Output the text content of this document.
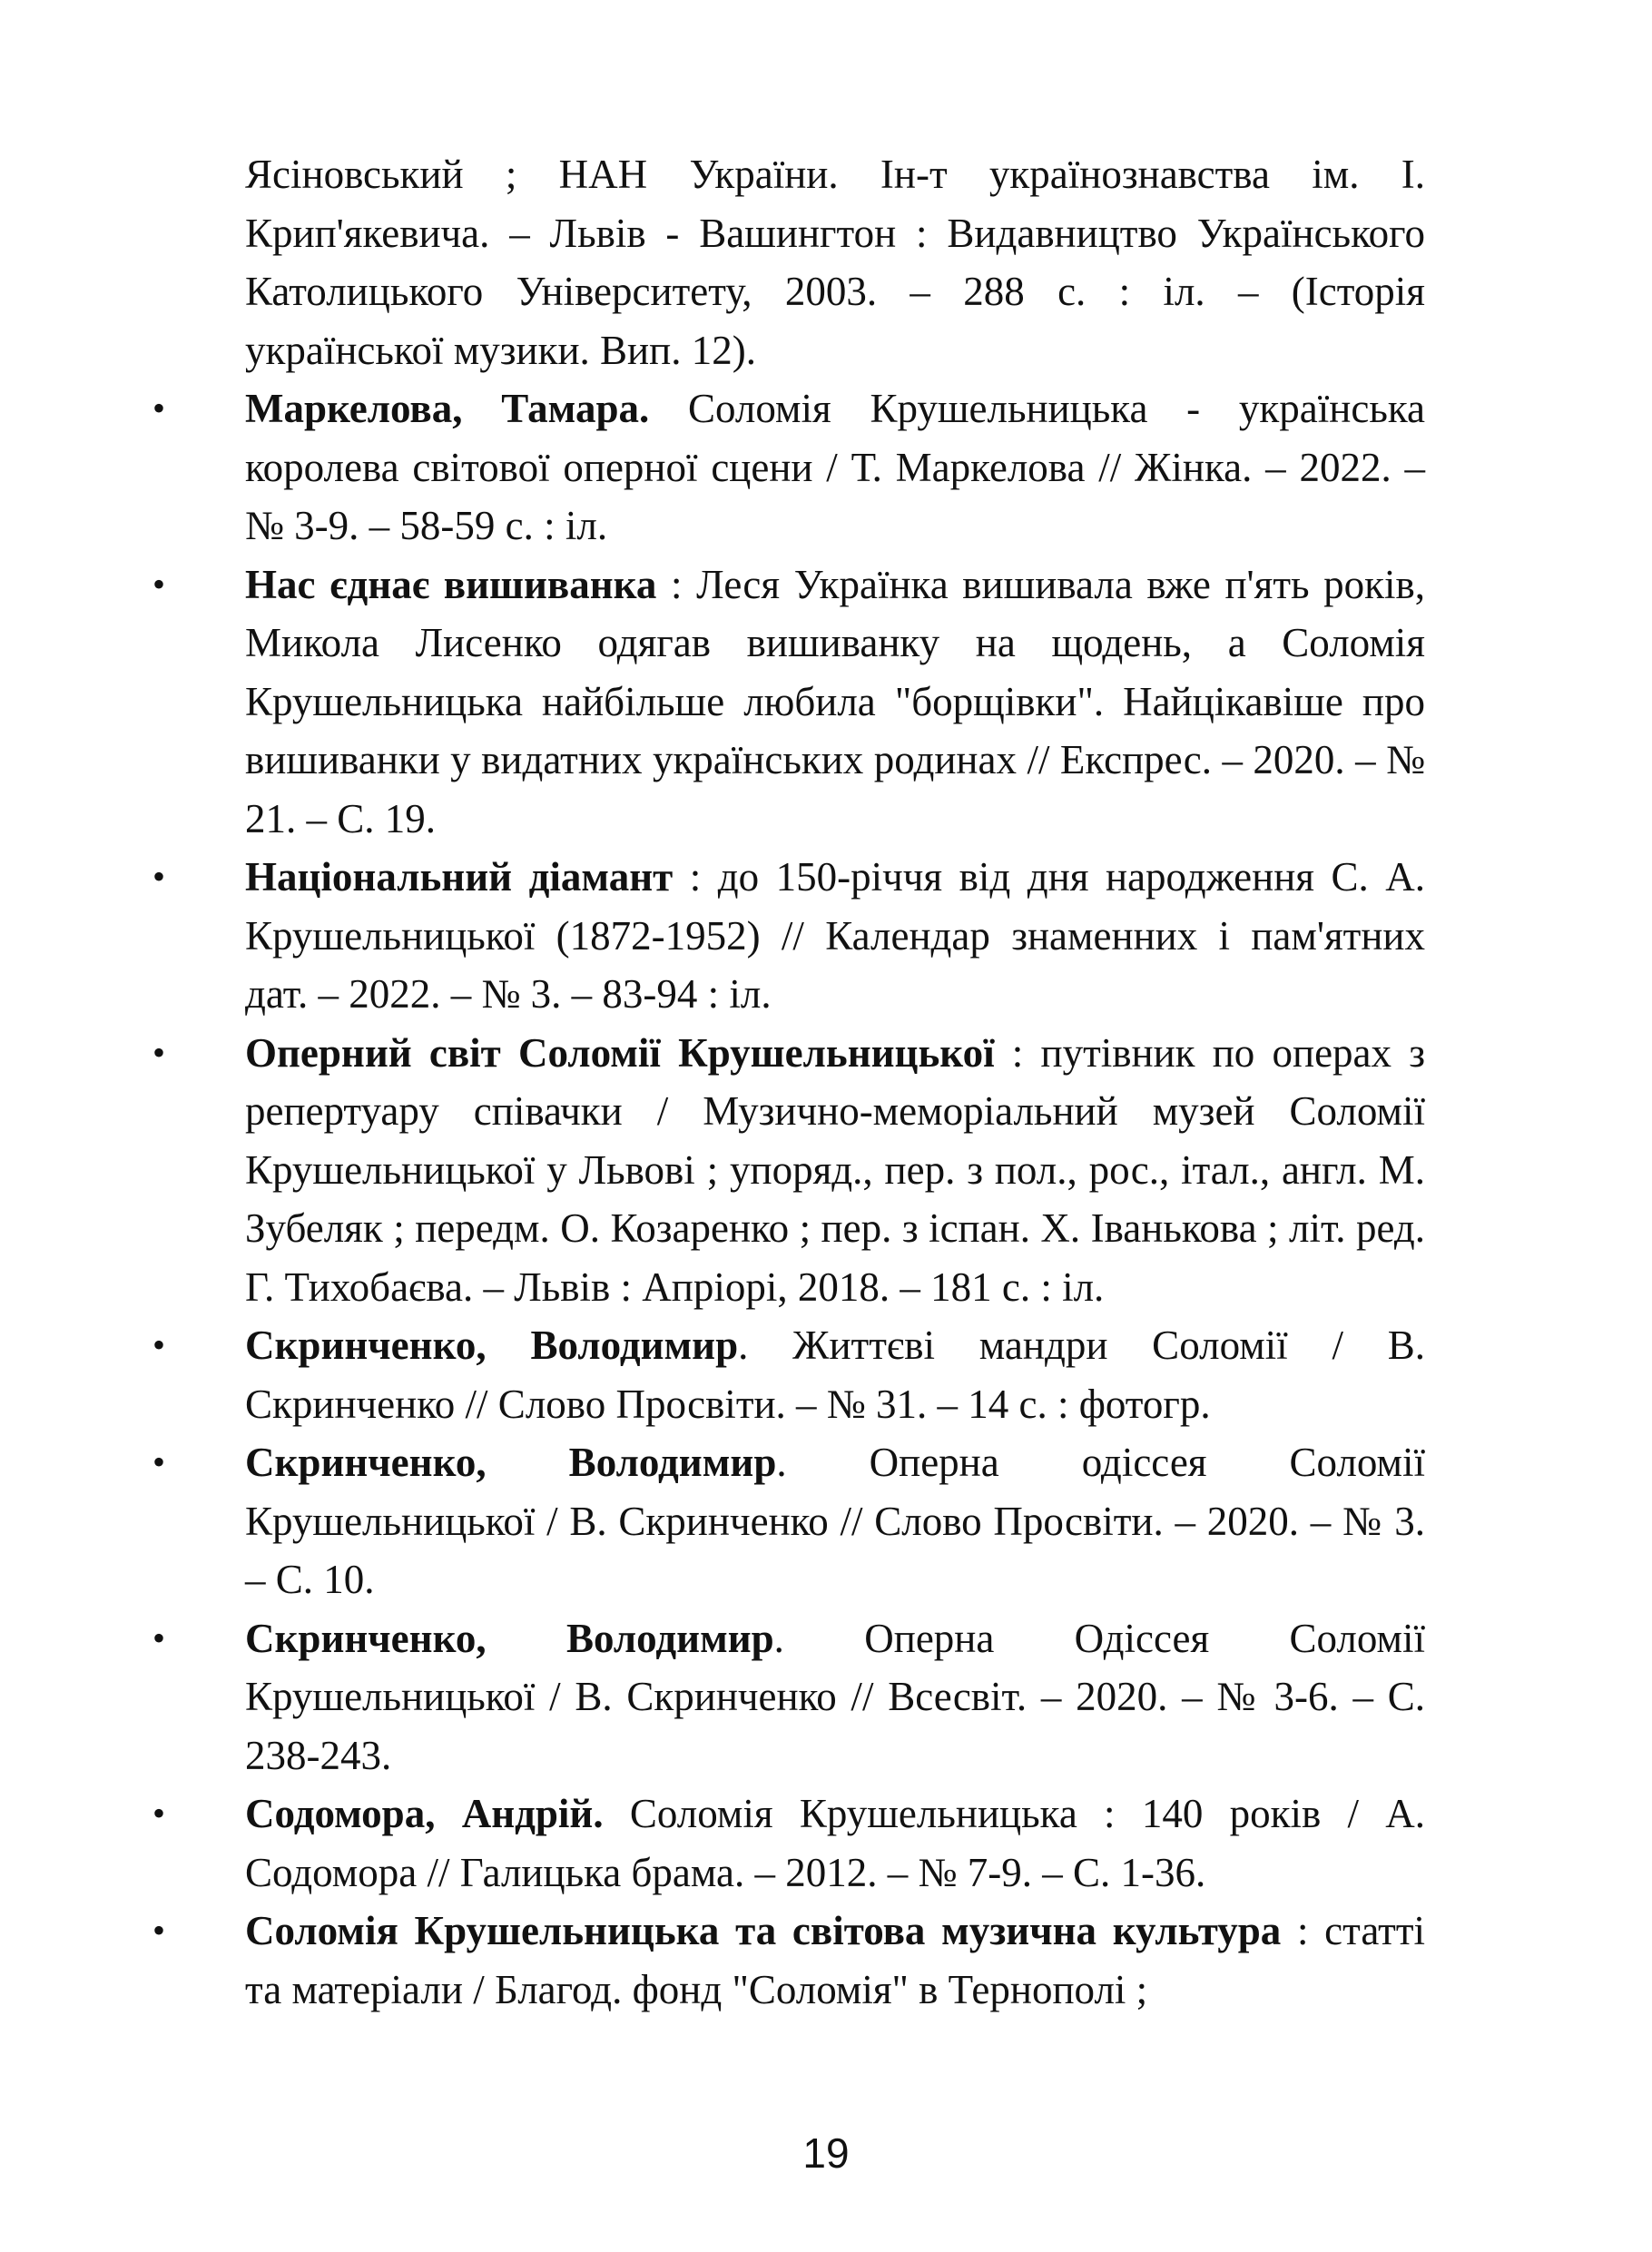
Ясіновський ; НАН України. Ін-т українознавства ім. І. Крип'якевича. – Львів - Вашингтон : Видавництво Українського Католицького Університету, 2003. – 288 с. : іл. – (Історія української музики. Вип. 12).

• Маркелова, Тамара. Соломія Крушельницька - українська королева світової оперної сцени / Т. Маркелова // Жінка. – 2022. – № 3-9. – 58-59 с. : іл.

• Нас єднає вишиванка : Леся Українка вишивала вже п'ять років, Микола Лисенко одягав вишиванку на щодень, а Соломія Крушельницька найбільше любила "борщівки". Найцікавіше про вишиванки у видатних українських родинах // Експрес. – 2020. – № 21. – С. 19.

• Національний діамант : до 150-річчя від дня народження С. А. Крушельницької (1872-1952) // Календар знаменних і пам'ятних дат. – 2022. – № 3. – 83-94 : іл.

• Оперний світ Соломії Крушельницької : путівник по операх з репертуару співачки / Музично-меморіальний музей Соломії Крушельницької у Львові ; упоряд., пер. з пол., рос., італ., англ. М. Зубеляк ; передм. О. Козаренко ; пер. з іспан. Х. Іванькова ; літ. ред. Г. Тихобаєва. – Львів : Апріорі, 2018. – 181 с. : іл.

• Скринченко, Володимир. Життєві мандри Соломії / В. Скринченко // Слово Просвіти. – № 31. – 14 с. : фотогр.

• Скринченко, Володимир. Оперна одіссея Соломії Крушельницької / В. Скринченко // Слово Просвіти. – 2020. – № 3. – С. 10.

• Скринченко, Володимир. Оперна Одіссея Соломії Крушельницької / В. Скринченко // Всесвіт. – 2020. – № 3-6. – С. 238-243.

• Содомора, Андрій. Соломія Крушельницька : 140 років / А. Содомора // Галицька брама. – 2012. – № 7-9. – С. 1-36.

• Соломія Крушельницька та світова музична культура : статті та матеріали / Благод. фонд "Соломія" в Тернополі ;

19
